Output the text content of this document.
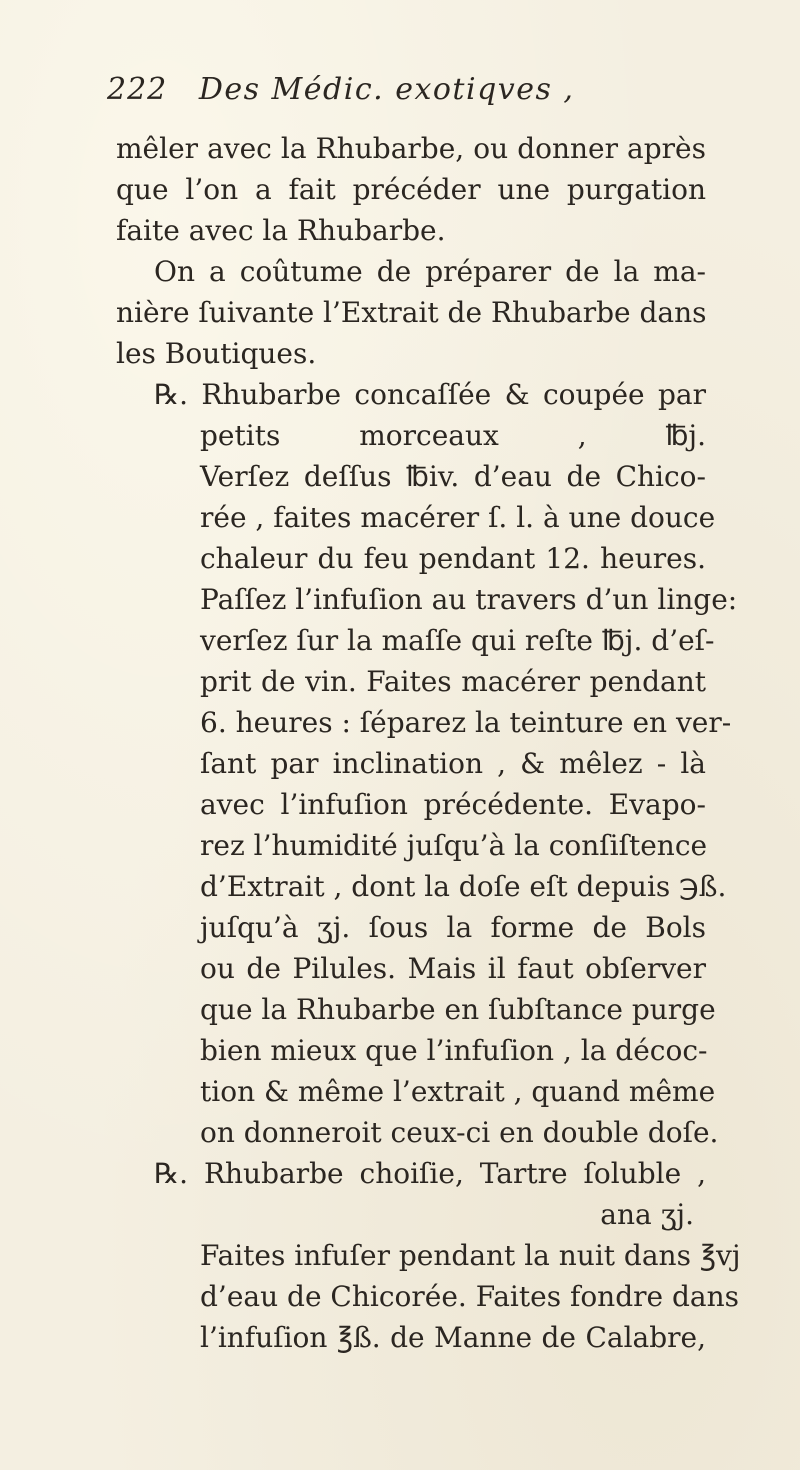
222 Des Médic. exotiqves ,
mêler avec la Rhubarbe, ou donner après
que l’on a fait précéder une purgation
faite avec la Rhubarbe.
On a coûtume de préparer de la ma-
nière ſuivante l’Extrait de Rhubarbe dans
les Boutiques.
℞. Rhubarbe concaſſée & coupée par
petits morceaux , ℔j.
Verſez deſſus ℔iv. d’eau de Chico-
rée , faites macérer ſ. l. à une douce
chaleur du feu pendant 12. heures.
Paſſez l’infuſion au travers d’un linge:
verſez ſur la maſſe qui reſte ℔j. d’eſ-
prit de vin. Faites macérer pendant
6. heures : ſéparez la teinture en ver-
ſant par inclination , & mêlez - là
avec l’infuſion précédente. Evapo-
rez l’humidité juſqu’à la conſiſtence
d’Extrait , dont la doſe eſt depuis ℈ß.
juſqu’à ʒj. ſous la forme de Bols
ou de Pilules. Mais il faut obſerver
que la Rhubarbe en ſubſtance purge
bien mieux que l’infuſion , la décoc-
tion & même l’extrait , quand même
on donneroit ceux-ci en double doſe.
℞. Rhubarbe choiſie, Tartre ſoluble ,
ana ʒj.
Faites infuſer pendant la nuit dans ℥vj
d’eau de Chicorée. Faites fondre dans
l’infuſion ℥ß. de Manne de Calabre,
